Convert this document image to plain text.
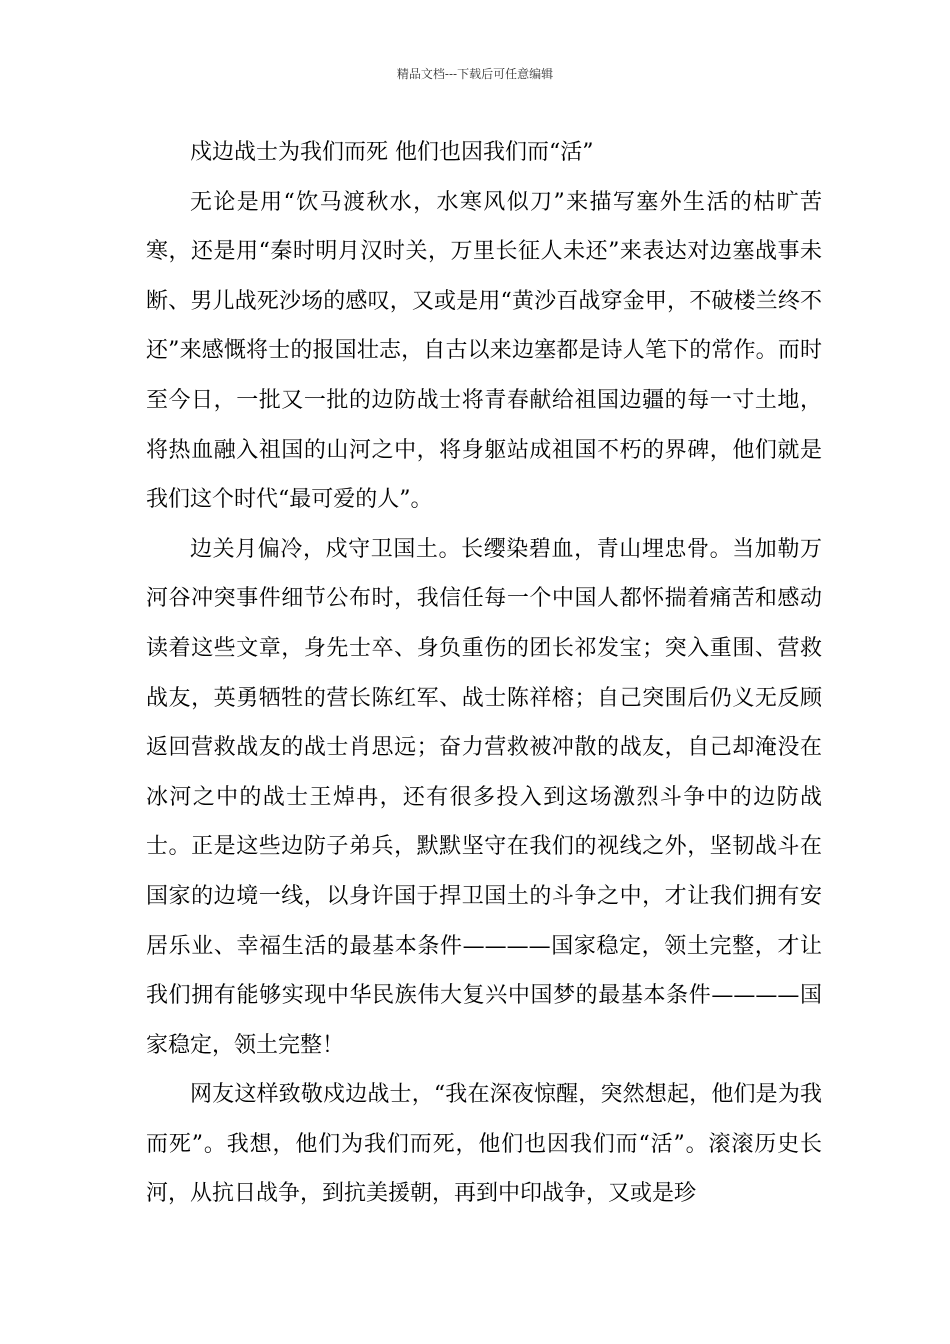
精品文档---下载后可任意编辑

戍边战士为我们而死 他们也因我们而“活”

无论是用“饮马渡秋水，水寒风似刀”来描写塞外生活的枯旷苦寒，还是用“秦时明月汉时关，万里长征人未还”来表达对边塞战事未断、男儿战死沙场的感叹，又或是用“黄沙百战穿金甲，不破楼兰终不还”来感慨将士的报国壮志，自古以来边塞都是诗人笔下的常作。而时至今日，一批又一批的边防战士将青春献给祖国边疆的每一寸土地，将热血融入祖国的山河之中，将身躯站成祖国不朽的界碑，他们就是我们这个时代“最可爱的人”。

边关月偏冷，戍守卫国土。长缨染碧血，青山埋忠骨。当加勒万河谷冲突事件细节公布时，我信任每一个中国人都怀揣着痛苦和感动读着这些文章，身先士卒、身负重伤的团长祁发宝；突入重围、营救战友，英勇牺牲的营长陈红军、战士陈祥榕；自己突围后仍义无反顾返回营救战友的战士肖思远；奋力营救被冲散的战友，自己却淹没在冰河之中的战士王焯冉，还有很多投入到这场激烈斗争中的边防战士。正是这些边防子弟兵，默默坚守在我们的视线之外，坚韧战斗在国家的边境一线，以身许国于捍卫国土的斗争之中，才让我们拥有安居乐业、幸福生活的最基本条件————国家稳定，领土完整，才让我们拥有能够实现中华民族伟大复兴中国梦的最基本条件————国家稳定，领土完整！

网友这样致敬戍边战士，“我在深夜惊醒，突然想起，他们是为我而死”。我想，他们为我们而死，他们也因我们而“活”。滚滚历史长河，从抗日战争，到抗美援朝，再到中印战争，又或是珍
